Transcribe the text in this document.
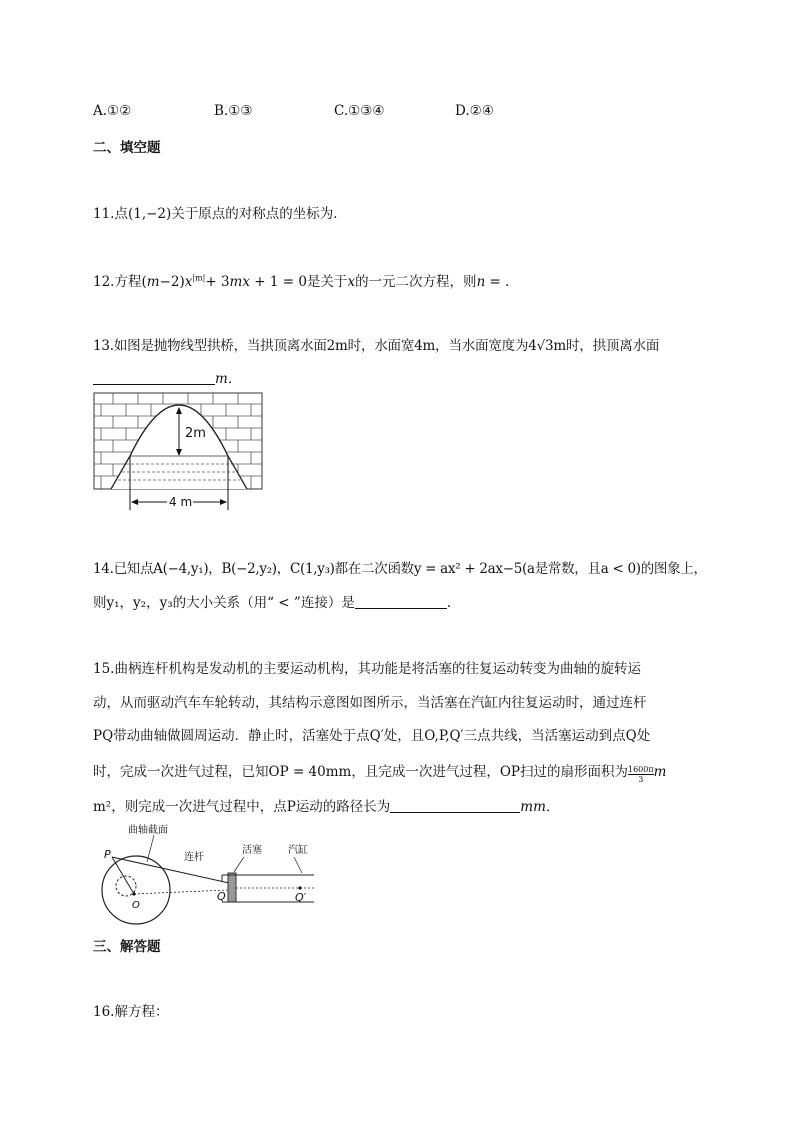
A.①②	B.①③	C.①③④	D.②④
二、填空题
11.点(1,−2)关于原点的对称点的坐标为．
12.方程$(m-2)x^{|m|}+ 3mx + 1 = 0$是关于x的一元二次方程，则n = ．
13.如图是抛物线型拱桥，当拱顶离水面2m时，水面宽4m，当水面宽度为4√3m时，拱顶离水面
m．
2m
4 m
14.已知点A(−4,y₁)，B(−2,y₂)，C(1,y₃)都在二次函数y = ax² + 2ax−5(a是常数，且a < 0)的图象上，
则y₁，y₂，y₃的大小关系（用“ < ”连接）是	.
15.曲柄连杆机构是发动机的主要运动机构，其功能是将活塞的往复运动转变为曲轴的旋转运
动，从而驱动汽车车轮转动，其结构示意图如图所示，当活塞在汽缸内往复运动时，通过连杆
PQ带动曲轴做圆周运动．静止时，活塞处于点Q′处，且O,P,Q′三点共线，当活塞运动到点Q处
时，完成一次进气过程，已知OP = 40mm，且完成一次进气过程，OP扫过的扇形面积为 $\frac{1600\pi}{3}$ m
m²，则完成一次进气过程中，点P运动的路径长为	mm．
曲轴截面
连杆
活塞	汽缸
P
O
Q	Q′
三、解答题
16.解方程：
